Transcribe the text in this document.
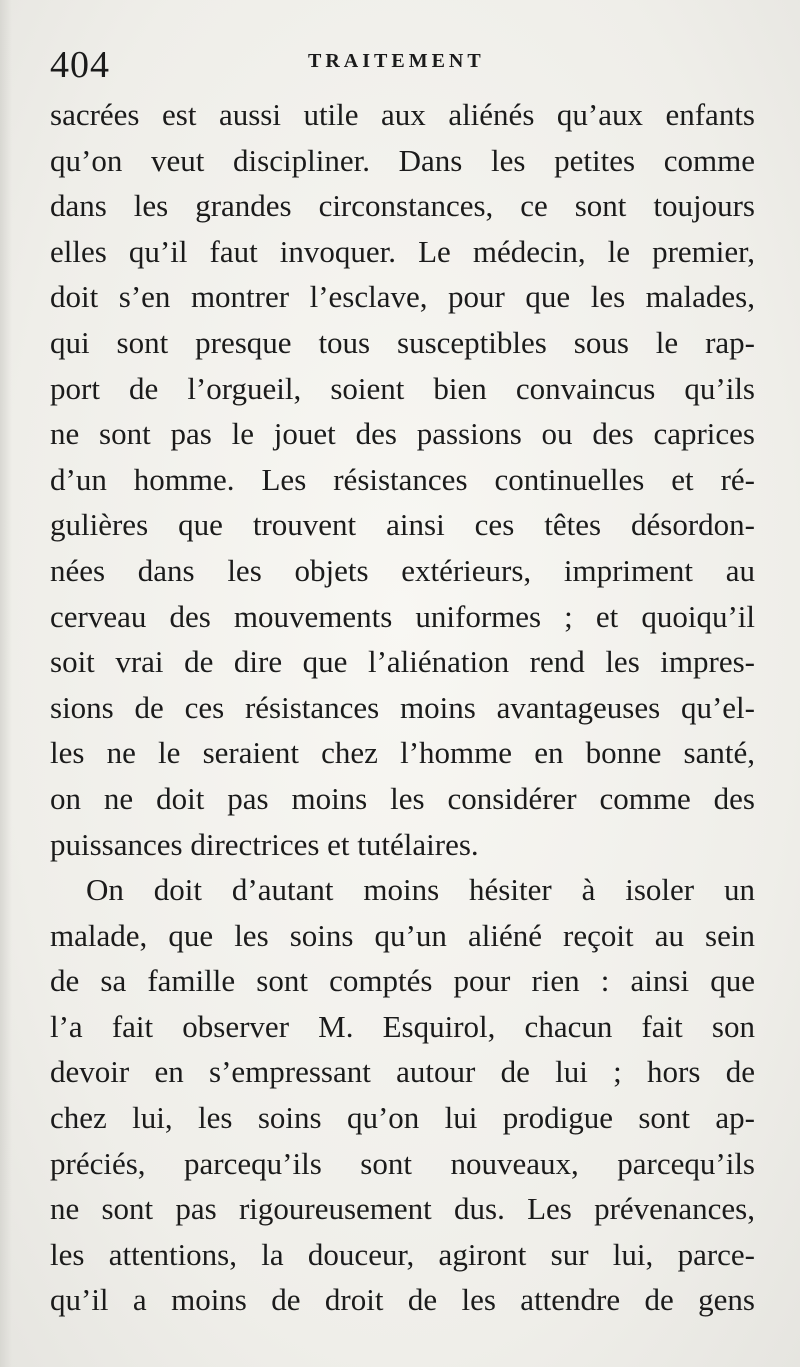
404	TRAITEMENT
sacrées est aussi utile aux aliénés qu’aux enfants
qu’on veut discipliner. Dans les petites comme
dans les grandes circonstances, ce sont toujours
elles qu’il faut invoquer. Le médecin, le premier,
doit s’en montrer l’esclave, pour que les malades,
qui sont presque tous susceptibles sous le rap-
port de l’orgueil, soient bien convaincus qu’ils
ne sont pas le jouet des passions ou des caprices
d’un homme. Les résistances continuelles et ré-
gulières que trouvent ainsi ces têtes désordon-
nées dans les objets extérieurs, impriment au
cerveau des mouvements uniformes ; et quoiqu’il
soit vrai de dire que l’aliénation rend les impres-
sions de ces résistances moins avantageuses qu’el-
les ne le seraient chez l’homme en bonne santé,
on ne doit pas moins les considérer comme des
puissances directrices et tutélaires.
On doit d’autant moins hésiter à isoler un
malade, que les soins qu’un aliéné reçoit au sein
de sa famille sont comptés pour rien : ainsi que
l’a fait observer M. Esquirol, chacun fait son
devoir en s’empressant autour de lui ; hors de
chez lui, les soins qu’on lui prodigue sont ap-
préciés, parcequ’ils sont nouveaux, parcequ’ils
ne sont pas rigoureusement dus. Les prévenances,
les attentions, la douceur, agiront sur lui, parce-
qu’il a moins de droit de les attendre de gens
